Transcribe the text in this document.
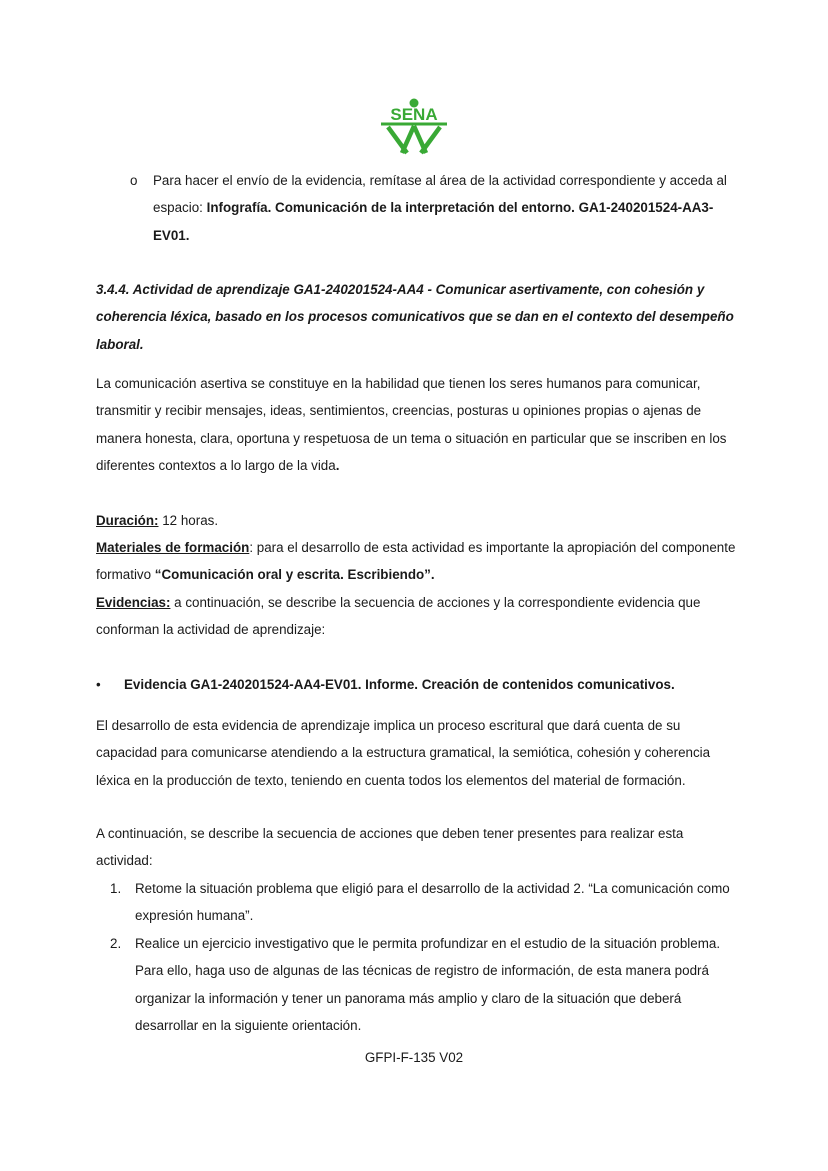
SENA
o Para hacer el envío de la evidencia, remítase al área de la actividad correspondiente y acceda al espacio: Infografía. Comunicación de la interpretación del entorno. GA1-240201524-AA3-EV01.

3.4.4. Actividad de aprendizaje GA1-240201524-AA4 - Comunicar asertivamente, con cohesión y coherencia léxica, basado en los procesos comunicativos que se dan en el contexto del desempeño laboral.

La comunicación asertiva se constituye en la habilidad que tienen los seres humanos para comunicar, transmitir y recibir mensajes, ideas, sentimientos, creencias, posturas u opiniones propias o ajenas de manera honesta, clara, oportuna y respetuosa de un tema o situación en particular que se inscriben en los diferentes contextos a lo largo de la vida.

Duración: 12 horas.

Materiales de formación: para el desarrollo de esta actividad es importante la apropiación del componente formativo “Comunicación oral y escrita. Escribiendo”.

Evidencias: a continuación, se describe la secuencia de acciones y la correspondiente evidencia que conforman la actividad de aprendizaje:

• Evidencia GA1-240201524-AA4-EV01. Informe. Creación de contenidos comunicativos.

El desarrollo de esta evidencia de aprendizaje implica un proceso escritural que dará cuenta de su capacidad para comunicarse atendiendo a la estructura gramatical, la semiótica, cohesión y coherencia léxica en la producción de texto, teniendo en cuenta todos los elementos del material de formación.

A continuación, se describe la secuencia de acciones que deben tener presentes para realizar esta actividad:

1. Retome la situación problema que eligió para el desarrollo de la actividad 2. “La comunicación como expresión humana”.

2. Realice un ejercicio investigativo que le permita profundizar en el estudio de la situación problema. Para ello, haga uso de algunas de las técnicas de registro de información, de esta manera podrá organizar la información y tener un panorama más amplio y claro de la situación que deberá desarrollar en la siguiente orientación.

GFPI-F-135 V02
